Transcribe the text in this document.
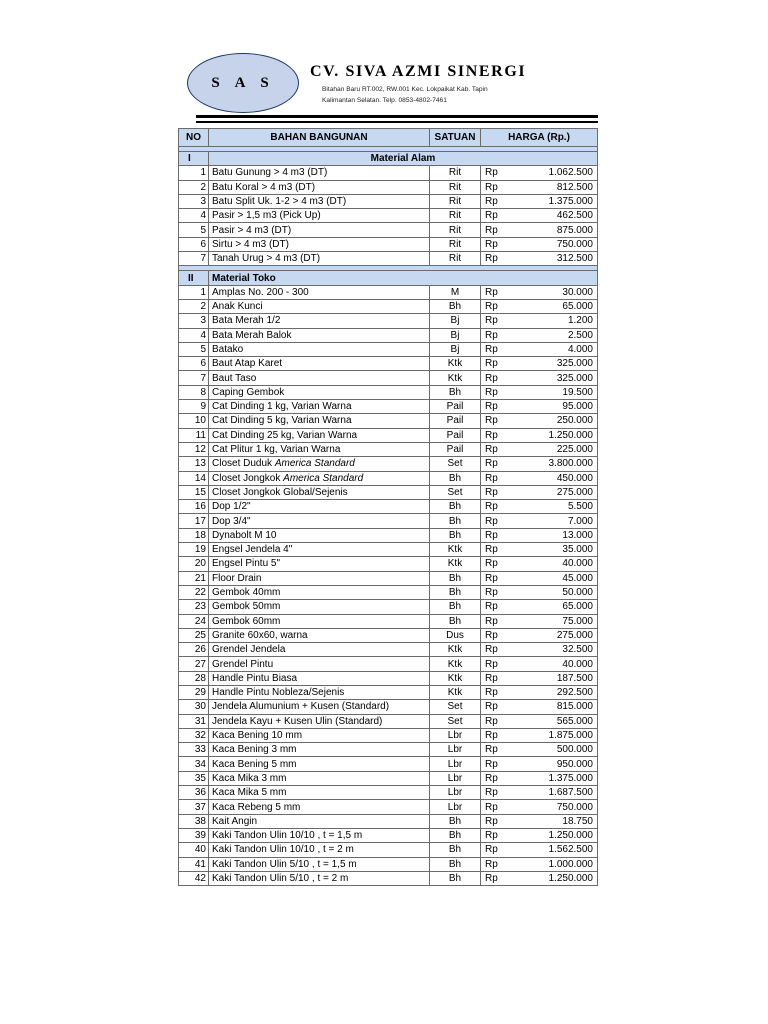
S A S
CV. SIVA AZMI SINERGI
Bitahan Baru RT.002, RW.001 Kec. Lokpaikat Kab. Tapin
Kalimantan Selatan. Telp. 0853-4802-7461
NO	BAHAN BANGUNAN	SATUAN	HARGA (Rp.)	

I	Material Alam			
1	Batu Gunung > 4 m3 (DT)	Rit	Rp	1.062.500
2	Batu Koral > 4 m3 (DT)	Rit	Rp	812.500
3	Batu Split Uk. 1-2 > 4 m3 (DT)	Rit	Rp	1.375.000
4	Pasir > 1,5 m3 (Pick Up)	Rit	Rp	462.500
5	Pasir > 4 m3 (DT)	Rit	Rp	875.000
6	Sirtu > 4 m3 (DT)	Rit	Rp	750.000
7	Tanah Urug > 4 m3 (DT)	Rit	Rp	312.500

II	Material Toko			
1	Amplas No. 200 - 300	M	Rp	30.000
2	Anak Kunci	Bh	Rp	65.000
3	Bata Merah 1/2	Bj	Rp	1.200
4	Bata Merah Balok	Bj	Rp	2.500
5	Batako	Bj	Rp	4.000
6	Baut Atap Karet	Ktk	Rp	325.000
7	Baut Taso	Ktk	Rp	325.000
8	Caping Gembok	Bh	Rp	19.500
9	Cat Dinding 1 kg, Varian Warna	Pail	Rp	95.000
10	Cat Dinding 5 kg, Varian Warna	Pail	Rp	250.000
11	Cat Dinding 25 kg, Varian Warna	Pail	Rp	1.250.000
12	Cat Plitur 1 kg, Varian Warna	Pail	Rp	225.000
13	Closet Duduk America Standard	Set	Rp	3.800.000
14	Closet Jongkok America Standard	Bh	Rp	450.000
15	Closet Jongkok Global/Sejenis	Set	Rp	275.000
16	Dop 1/2"	Bh	Rp	5.500
17	Dop 3/4"	Bh	Rp	7.000
18	Dynabolt M 10	Bh	Rp	13.000
19	Engsel Jendela 4"	Ktk	Rp	35.000
20	Engsel Pintu 5"	Ktk	Rp	40.000
21	Floor Drain	Bh	Rp	45.000
22	Gembok 40mm	Bh	Rp	50.000
23	Gembok 50mm	Bh	Rp	65.000
24	Gembok 60mm	Bh	Rp	75.000
25	Granite 60x60, warna	Dus	Rp	275.000
26	Grendel Jendela	Ktk	Rp	32.500
27	Grendel Pintu	Ktk	Rp	40.000
28	Handle Pintu Biasa	Ktk	Rp	187.500
29	Handle Pintu Nobleza/Sejenis	Ktk	Rp	292.500
30	Jendela Alumunium + Kusen (Standard)	Set	Rp	815.000
31	Jendela Kayu + Kusen Ulin (Standard)	Set	Rp	565.000
32	Kaca Bening 10 mm	Lbr	Rp	1.875.000
33	Kaca Bening 3 mm	Lbr	Rp	500.000
34	Kaca Bening 5 mm	Lbr	Rp	950.000
35	Kaca Mika 3 mm	Lbr	Rp	1.375.000
36	Kaca Mika 5 mm	Lbr	Rp	1.687.500
37	Kaca Rebeng 5 mm	Lbr	Rp	750.000
38	Kait Angin	Bh	Rp	18.750
39	Kaki Tandon Ulin 10/10 , t = 1,5 m	Bh	Rp	1.250.000
40	Kaki Tandon Ulin 10/10 , t = 2 m	Bh	Rp	1.562.500
41	Kaki Tandon Ulin 5/10 , t = 1,5 m	Bh	Rp	1.000.000
42	Kaki Tandon Ulin 5/10 , t = 2 m	Bh	Rp	1.250.000
